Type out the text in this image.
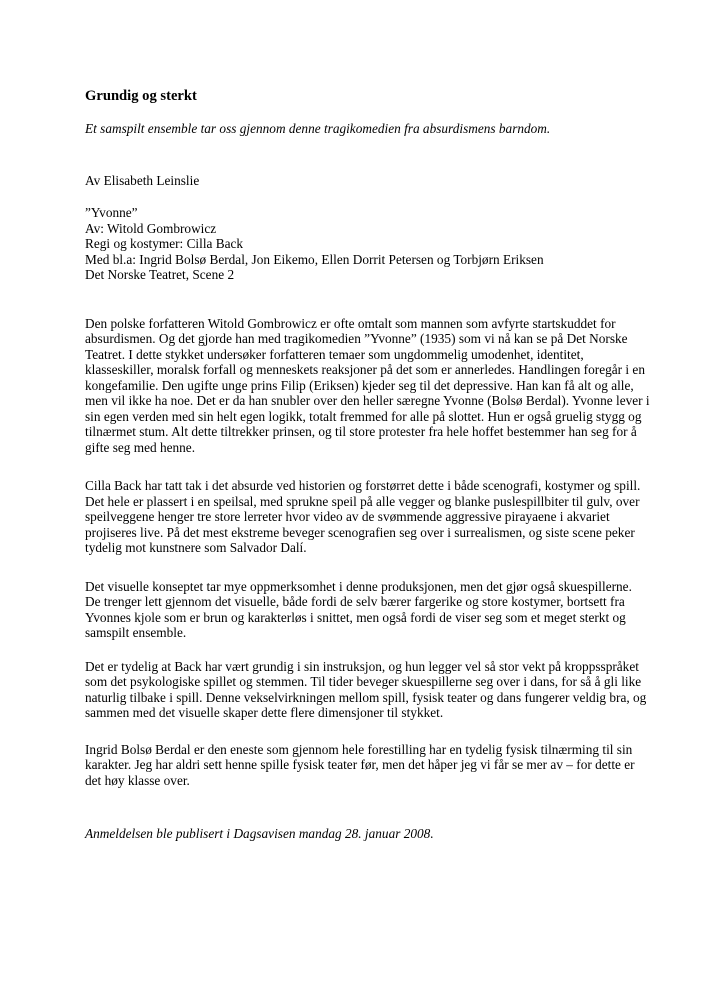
Grundig og sterkt

Et samspilt ensemble tar oss gjennom denne tragikomedien fra absurdismens barndom.

Av Elisabeth Leinslie

”Yvonne”
Av: Witold Gombrowicz
Regi og kostymer: Cilla Back
Med bl.a: Ingrid Bolsø Berdal, Jon Eikemo, Ellen Dorrit Petersen og Torbjørn Eriksen
Det Norske Teatret, Scene 2

Den polske forfatteren Witold Gombrowicz er ofte omtalt som mannen som avfyrte startskuddet for absurdismen. Og det gjorde han med tragikomedien ”Yvonne” (1935) som vi nå kan se på Det Norske Teatret. I dette stykket undersøker forfatteren temaer som ungdommelig umodenhet, identitet, klasseskiller, moralsk forfall og menneskets reaksjoner på det som er annerledes. Handlingen foregår i en kongefamilie. Den ugifte unge prins Filip (Eriksen) kjeder seg til det depressive. Han kan få alt og alle, men vil ikke ha noe. Det er da han snubler over den heller særegne Yvonne (Bolsø Berdal). Yvonne lever i sin egen verden med sin helt egen logikk, totalt fremmed for alle på slottet. Hun er også gruelig stygg og tilnærmet stum. Alt dette tiltrekker prinsen, og til store protester fra hele hoffet bestemmer han seg for å gifte seg med henne.

Cilla Back har tatt tak i det absurde ved historien og forstørret dette i både scenografi, kostymer og spill. Det hele er plassert i en speilsal, med sprukne speil på alle vegger og blanke puslespillbiter til gulv, over speilveggene henger tre store lerreter hvor video av de svømmende aggressive pirayaene i akvariet projiseres live. På det mest ekstreme beveger scenografien seg over i surrealismen, og siste scene peker tydelig mot kunstnere som Salvador Dalí.

Det visuelle konseptet tar mye oppmerksomhet i denne produksjonen, men det gjør også skuespillerne. De trenger lett gjennom det visuelle, både fordi de selv bærer fargerike og store kostymer, bortsett fra Yvonnes kjole som er brun og karakterløs i snittet, men også fordi de viser seg som et meget sterkt og samspilt ensemble.

Det er tydelig at Back har vært grundig i sin instruksjon, og hun legger vel så stor vekt på kroppsspråket som det psykologiske spillet og stemmen. Til tider beveger skuespillerne seg over i dans, for så å gli like naturlig tilbake i spill. Denne vekselvirkningen mellom spill, fysisk teater og dans fungerer veldig bra, og sammen med det visuelle skaper dette flere dimensjoner til stykket.

Ingrid Bolsø Berdal er den eneste som gjennom hele forestilling har en tydelig fysisk tilnærming til sin karakter. Jeg har aldri sett henne spille fysisk teater før, men det håper jeg vi får se mer av – for dette er det høy klasse over.

Anmeldelsen ble publisert i Dagsavisen mandag 28. januar 2008.
